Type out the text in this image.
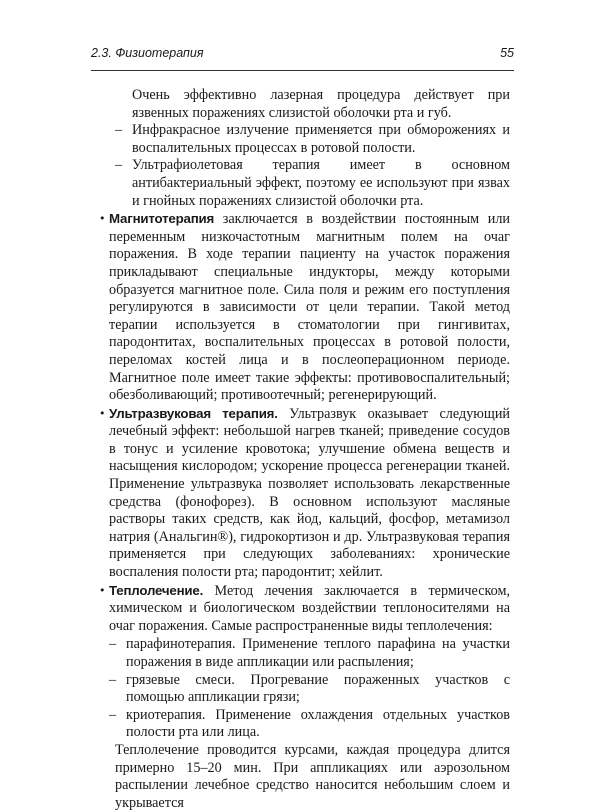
2.3. Физиотерапия	55

Очень эффективно лазерная процедура действует при язвенных поражениях слизистой оболочки рта и губ.

– Инфракрасное излучение применяется при обморожениях и воспалительных процессах в ротовой полости.

– Ультрафиолетовая терапия имеет в основном антибактериальный эффект, поэтому ее используют при язвах и гнойных поражениях слизистой оболочки рта.

• Магнитотерапия заключается в воздействии постоянным или переменным низкочастотным магнитным полем на очаг поражения. В ходе терапии пациенту на участок поражения прикладывают специальные индукторы, между которыми образуется магнитное поле. Сила поля и режим его поступления регулируются в зависимости от цели терапии. Такой метод терапии используется в стоматологии при гингивитах, пародонтитах, воспалительных процессах в ротовой полости, переломах костей лица и в послеоперационном периоде. Магнитное поле имеет такие эффекты: противовоспалительный; обезболивающий; противоотечный; регенерирующий.

• Ультразвуковая терапия. Ультразвук оказывает следующий лечебный эффект: небольшой нагрев тканей; приведение сосудов в тонус и усиление кровотока; улучшение обмена веществ и насыщения кислородом; ускорение процесса регенерации тканей. Применение ультразвука позволяет использовать лекарственные средства (фонофорез). В основном используют масляные растворы таких средств, как йод, кальций, фосфор, метамизол натрия (Анальгин®), гидрокортизон и др. Ультразвуковая терапия применяется при следующих заболеваниях: хронические воспаления полости рта; пародонтит; хейлит.

• Теплолечение. Метод лечения заключается в термическом, химическом и биологическом воздействии теплоносителями на очаг поражения. Самые распространенные виды теплолечения:

– парафинотерапия. Применение теплого парафина на участки поражения в виде аппликации или распыления;

– грязевые смеси. Прогревание пораженных участков с помощью аппликации грязи;

– криотерапия. Применение охлаждения отдельных участков полости рта или лица.

Теплолечение проводится курсами, каждая процедура длится примерно 15–20 мин. При аппликациях или аэрозольном распылении лечебное средство наносится небольшим слоем и укрывается
